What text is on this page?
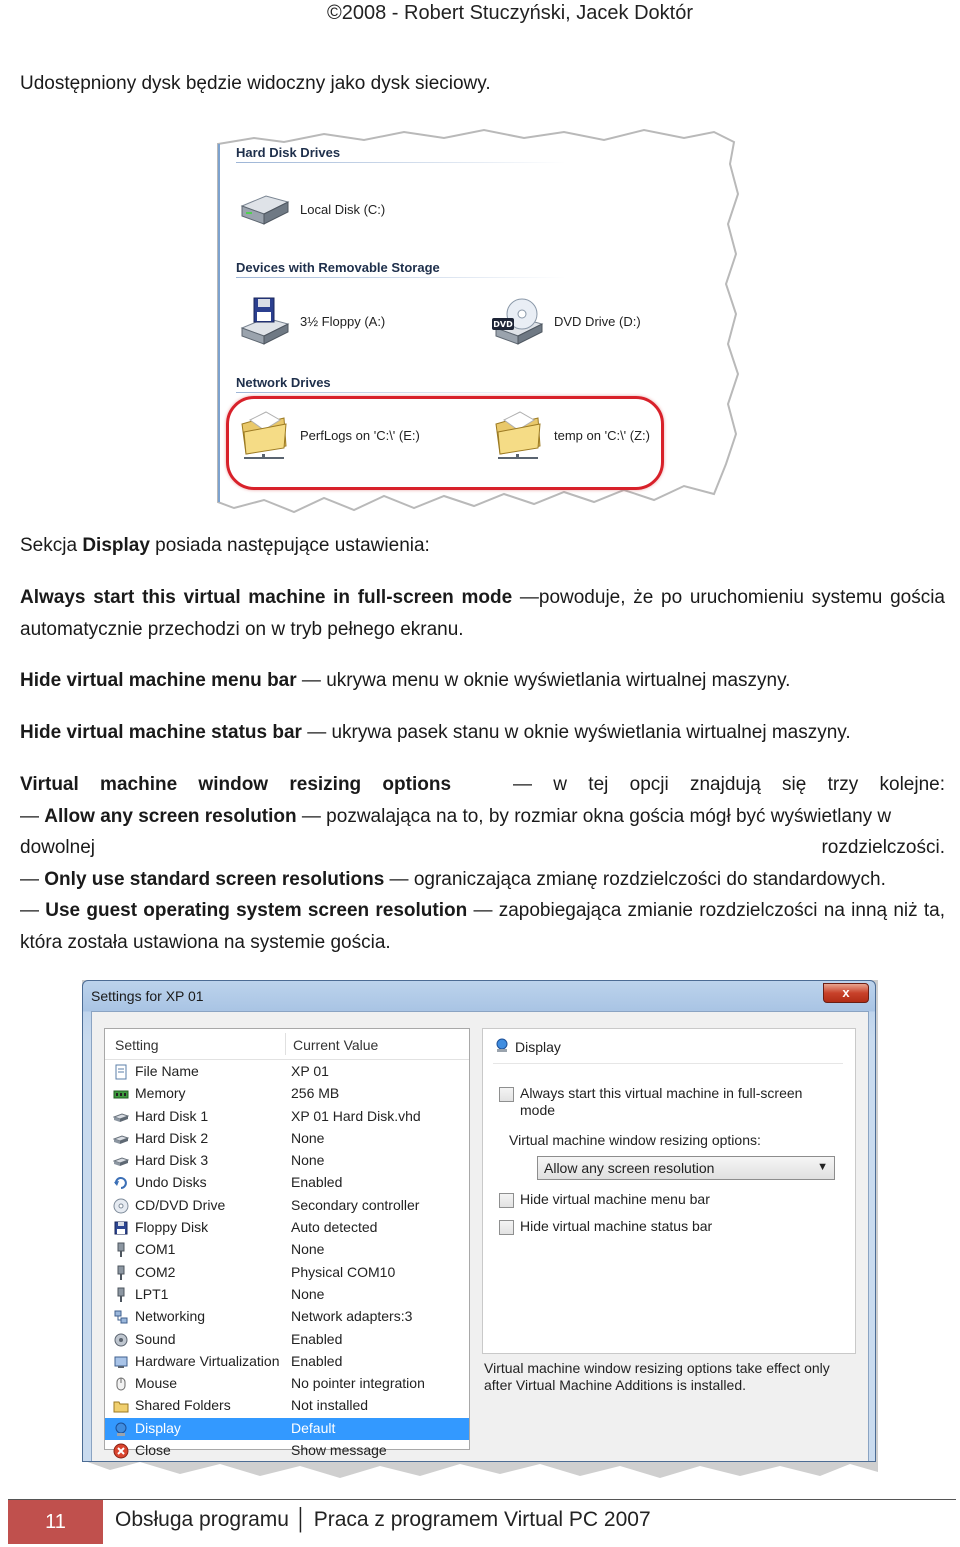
©2008 - Robert Stuczyński, Jacek Doktór
Udostępniony dysk będzie widoczny jako dysk sieciowy.
Hard Disk Drives
Local Disk (C:)
Devices with Removable Storage
3½ Floppy (A:)	DVD	DVD Drive (D:)
Network Drives
PerfLogs on 'C:\' (E:)	temp on 'C:\' (Z:)
Sekcja Display posiada następujące ustawienia:
Always start this virtual machine in full-screen mode —powoduje, że po uruchomieniu systemu gościa automatycznie przechodzi on w tryb pełnego ekranu.
Hide virtual machine menu bar — ukrywa menu w oknie wyświetlania wirtualnej maszyny.
Hide virtual machine status bar — ukrywa pasek stanu w oknie wyświetlania wirtualnej maszyny.
Virtual machine window resizing options	— w tej opcji znajdują się trzy kolejne:
— Allow any screen resolution — pozwalająca na to, by rozmiar okna gościa mógł być wyświetlany w
dowolnej	rozdzielczości.
— Only use standard screen resolutions — ograniczająca zmianę rozdzielczości do standardowych.
— Use guest operating system screen resolution — zapobiegająca zmianie rozdzielczości na inną niż ta, która została ustawiona na systemie gościa.
Settings for XP 01	x
Setting	Current Value
File Name	XP 01
Memory	256 MB
Hard Disk 1	XP 01 Hard Disk.vhd
Hard Disk 2	None
Hard Disk 3	None
Undo Disks	Enabled
CD/DVD Drive	Secondary controller
Floppy Disk	Auto detected
COM1	None
COM2	Physical COM10
LPT1	None
Networking	Network adapters:3
Sound	Enabled
Hardware Virtualization Enabled
Mouse	No pointer integration
Shared Folders	Not installed
Display	Default
Close	Show message
Display
Always start this virtual machine in full-screen mode
Virtual machine window resizing options:
Allow any screen resolution	▼
Hide virtual machine menu bar
Hide virtual machine status bar
Virtual machine window resizing options take effect only after Virtual Machine Additions is installed.
11	Obsługa programu │ Praca z programem Virtual PC 2007
